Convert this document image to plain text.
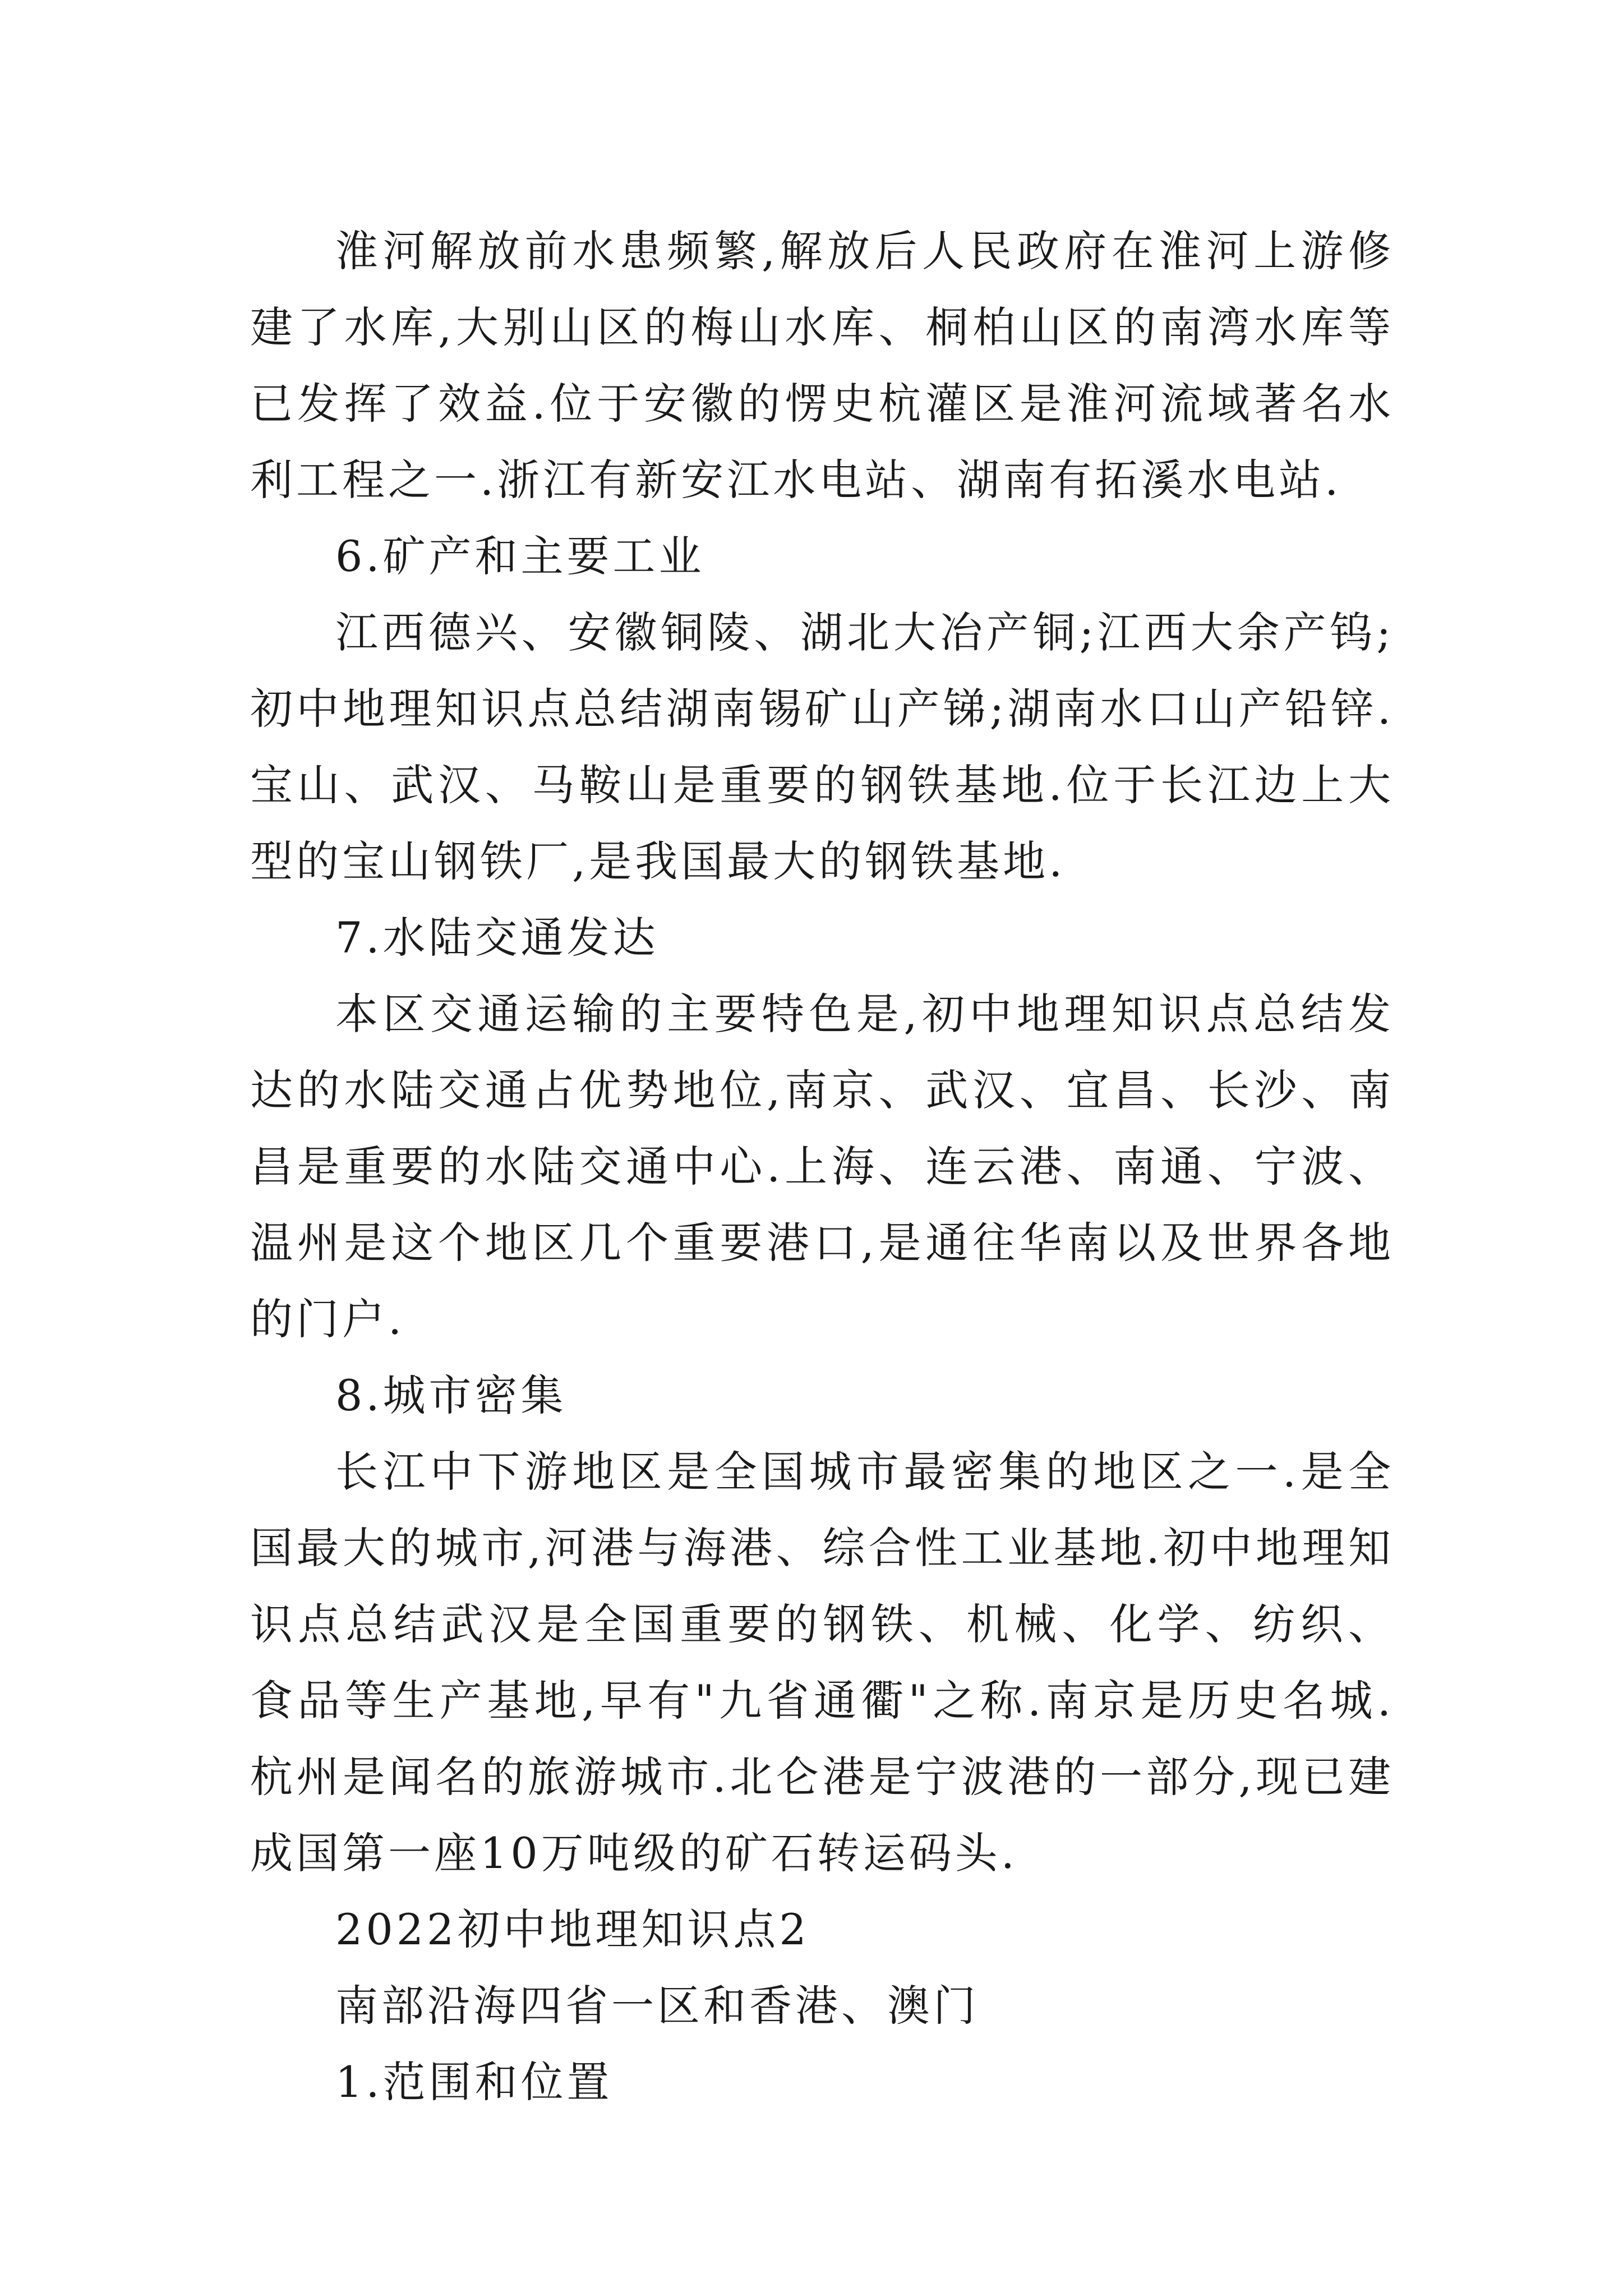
淮河解放前水患频繁,解放后人民政府在淮河上游修建了水库,大别山区的梅山水库、桐柏山区的南湾水库等已发挥了效益.位于安徽的愣史杭灌区是淮河流域著名水利工程之一.浙江有新安江水电站、湖南有拓溪水电站.

6.矿产和主要工业

江西德兴、安徽铜陵、湖北大冶产铜;江西大余产钨;初中地理知识点总结湖南锡矿山产锑;湖南水口山产铅锌.宝山、武汉、马鞍山是重要的钢铁基地.位于长江边上大型的宝山钢铁厂,是我国最大的钢铁基地.

7.水陆交通发达

本区交通运输的主要特色是,初中地理知识点总结发达的水陆交通占优势地位,南京、武汉、宜昌、长沙、南昌是重要的水陆交通中心.上海、连云港、南通、宁波、温州是这个地区几个重要港口,是通往华南以及世界各地的门户.

8.城市密集

长江中下游地区是全国城市最密集的地区之一.是全国最大的城市,河港与海港、综合性工业基地.初中地理知识点总结武汉是全国重要的钢铁、机械、化学、纺织、食品等生产基地,早有"九省通衢"之称.南京是历史名城.杭州是闻名的旅游城市.北仑港是宁波港的一部分,现已建成国第一座10万吨级的矿石转运码头.

2022初中地理知识点2

南部沿海四省一区和香港、澳门

1.范围和位置
